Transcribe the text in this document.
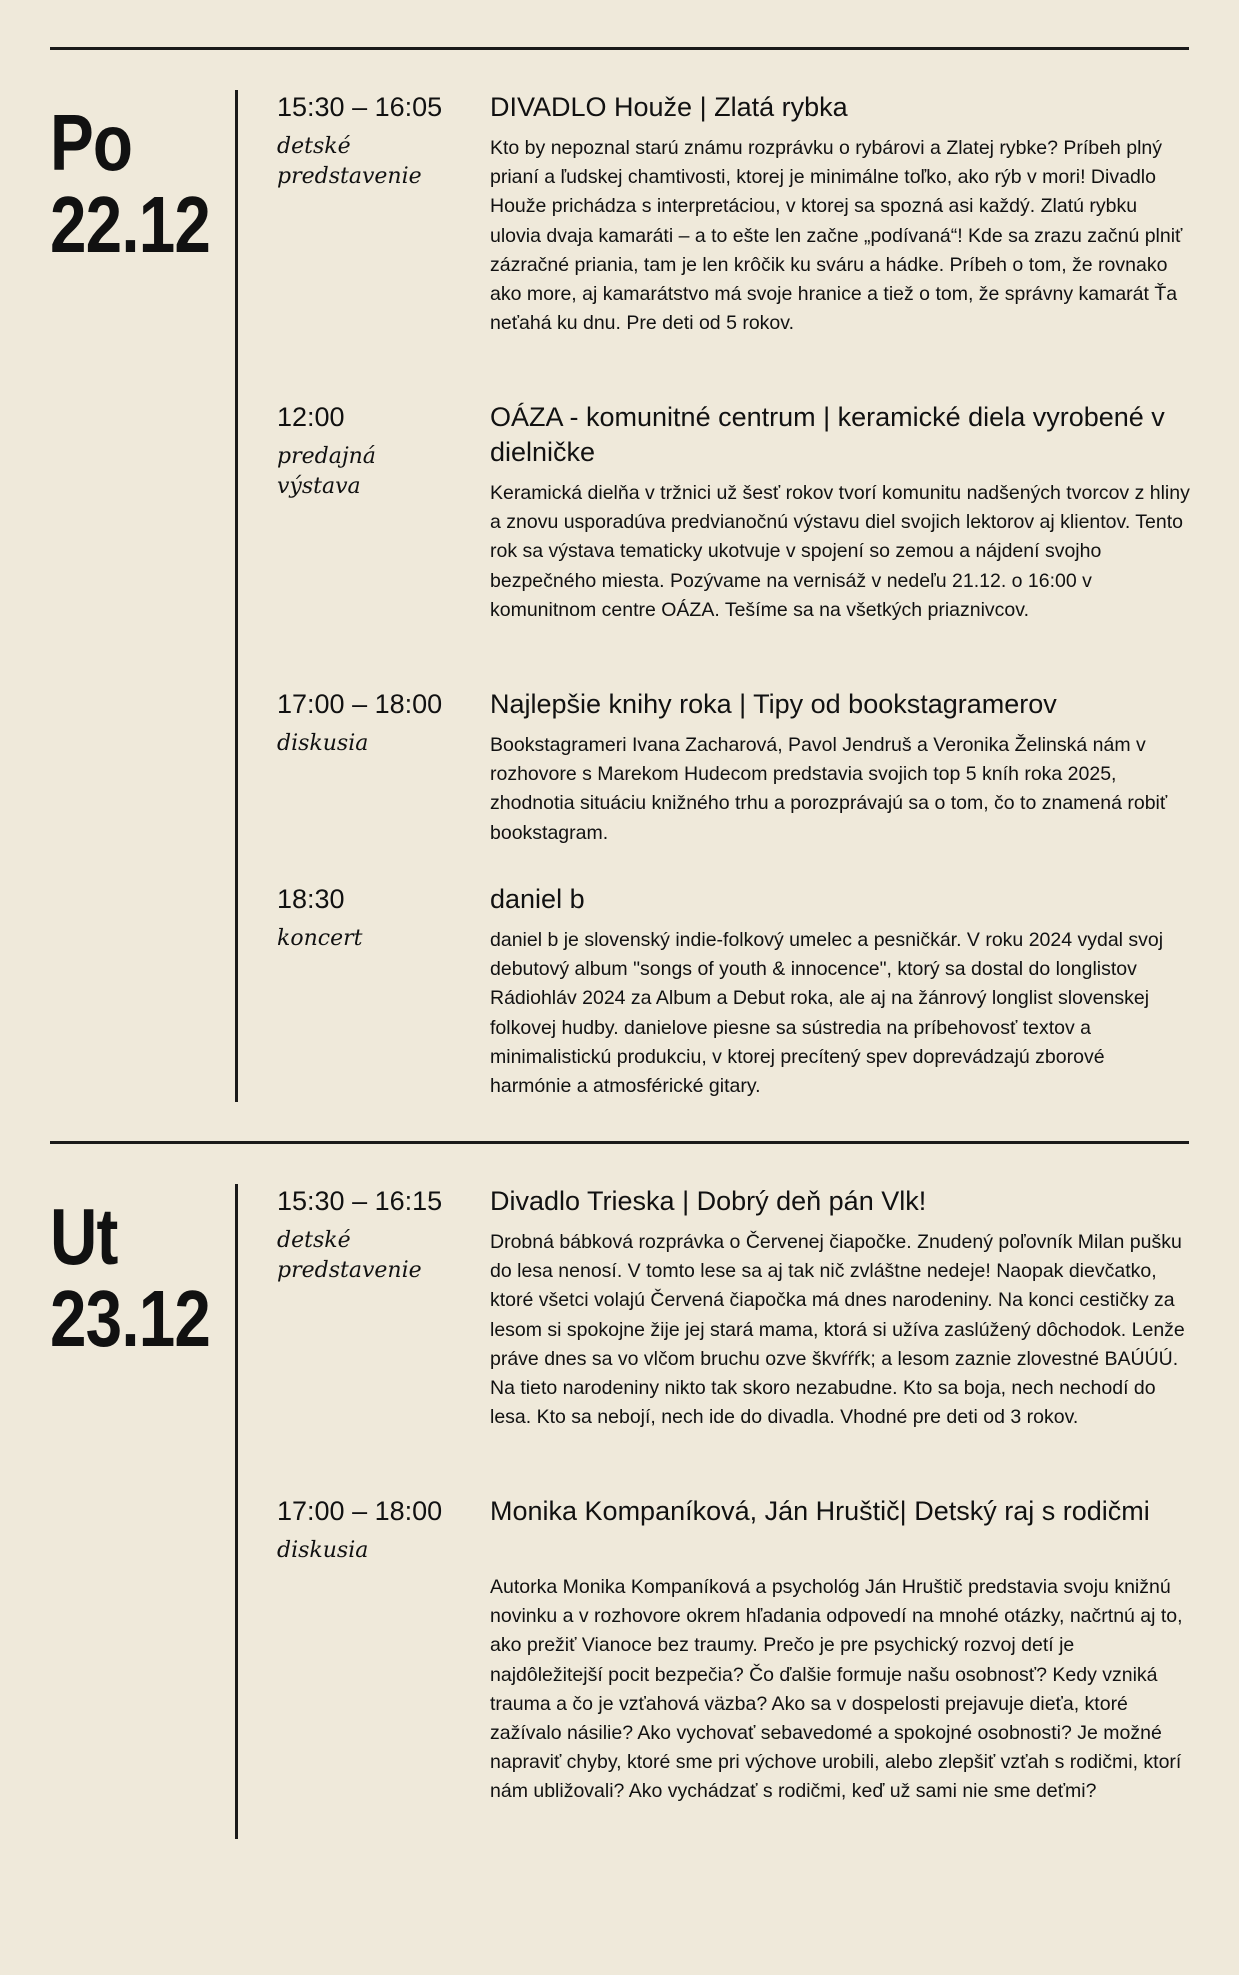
Po
22.12
15:30 – 16:05
detské predstavenie
DIVADLO Houže | Zlatá rybka
Kto by nepoznal starú známu rozprávku o rybárovi a Zlatej rybke? Príbeh plný prianí a ľudskej chamtivosti, ktorej je minimálne toľko, ako rýb v mori! Divadlo Houže prichádza s interpretáciou, v ktorej sa spozná asi každý. Zlatú rybku ulovia dvaja kamaráti – a to ešte len začne „podívaná“! Kde sa zrazu začnú plniť zázračné priania, tam je len krôčik ku sváru a hádke. Príbeh o tom, že rovnako ako more, aj kamarátstvo má svoje hranice a tiež o tom, že správny kamarát Ťa neťahá ku dnu. Pre deti od 5 rokov.
12:00
predajná výstava
OÁZA - komunitné centrum | keramické diela vyrobené v dielničke
Keramická dielňa v tržnici už šesť rokov tvorí komunitu nadšených tvorcov z hliny a znovu usporadúva predvianočnú výstavu diel svojich lektorov aj klientov. Tento rok sa výstava tematicky ukotvuje v spojení so zemou a nájdení svojho bezpečného miesta. Pozývame na vernisáž v nedeľu 21.12. o 16:00 v komunitnom centre OÁZA. Tešíme sa na všetkých priaznivcov.
17:00 – 18:00
diskusia
Najlepšie knihy roka | Tipy od bookstagramerov
Bookstagrameri Ivana Zacharová, Pavol Jendruš a Veronika Želinská nám v rozhovore s Marekom Hudecom predstavia svojich top 5 kníh roka 2025, zhodnotia situáciu knižného trhu a porozprávajú sa o tom, čo to znamená robiť bookstagram.
18:30
koncert
daniel b
daniel b je slovenský indie-folkový umelec a pesničkár. V roku 2024 vydal svoj debutový album "songs of youth & innocence", ktorý sa dostal do longlistov Rádiohláv 2024 za Album a Debut roka, ale aj na žánrový longlist slovenskej folkovej hudby. danielove piesne sa sústredia na príbehovosť textov a minimalistickú produkciu, v ktorej precítený spev doprevádzajú zborové harmónie a atmosférické gitary.
Ut
23.12
15:30 – 16:15
detské predstavenie
Divadlo Trieska | Dobrý deň pán Vlk!
Drobná bábková rozprávka o Červenej čiapočke. Znudený poľovník Milan pušku do lesa nenosí. V tomto lese sa aj tak nič zvláštne nedeje! Naopak dievčatko, ktoré všetci volajú Červená čiapočka má dnes narodeniny. Na konci cestičky za lesom si spokojne žije jej stará mama, ktorá si užíva zaslúžený dôchodok. Lenže práve dnes sa vo vlčom bruchu ozve škvŕŕŕk; a lesom zaznie zlovestné BAÚÚÚ. Na tieto narodeniny nikto tak skoro nezabudne. Kto sa boja, nech nechodí do lesa. Kto sa nebojí, nech ide do divadla. Vhodné pre deti od 3 rokov.
17:00 – 18:00
diskusia
Monika Kompaníková, Ján Hruštič| Detský raj s rodičmi
Autorka Monika Kompaníková a psychológ Ján Hruštič predstavia svoju knižnú novinku a v rozhovore okrem hľadania odpovedí na mnohé otázky, načrtnú aj to, ako prežiť Vianoce bez traumy. Prečo je pre psychický rozvoj detí je najdôležitejší pocit bezpečia? Čo ďalšie formuje našu osobnosť? Kedy vzniká trauma a čo je vzťahová väzba? Ako sa v dospelosti prejavuje dieťa, ktoré zažívalo násilie? Ako vychovať sebavedomé a spokojné osobnosti? Je možné napraviť chyby, ktoré sme pri výchove urobili, alebo zlepšiť vzťah s rodičmi, ktorí nám ubližovali? Ako vychádzať s rodičmi, keď už sami nie sme deťmi?
